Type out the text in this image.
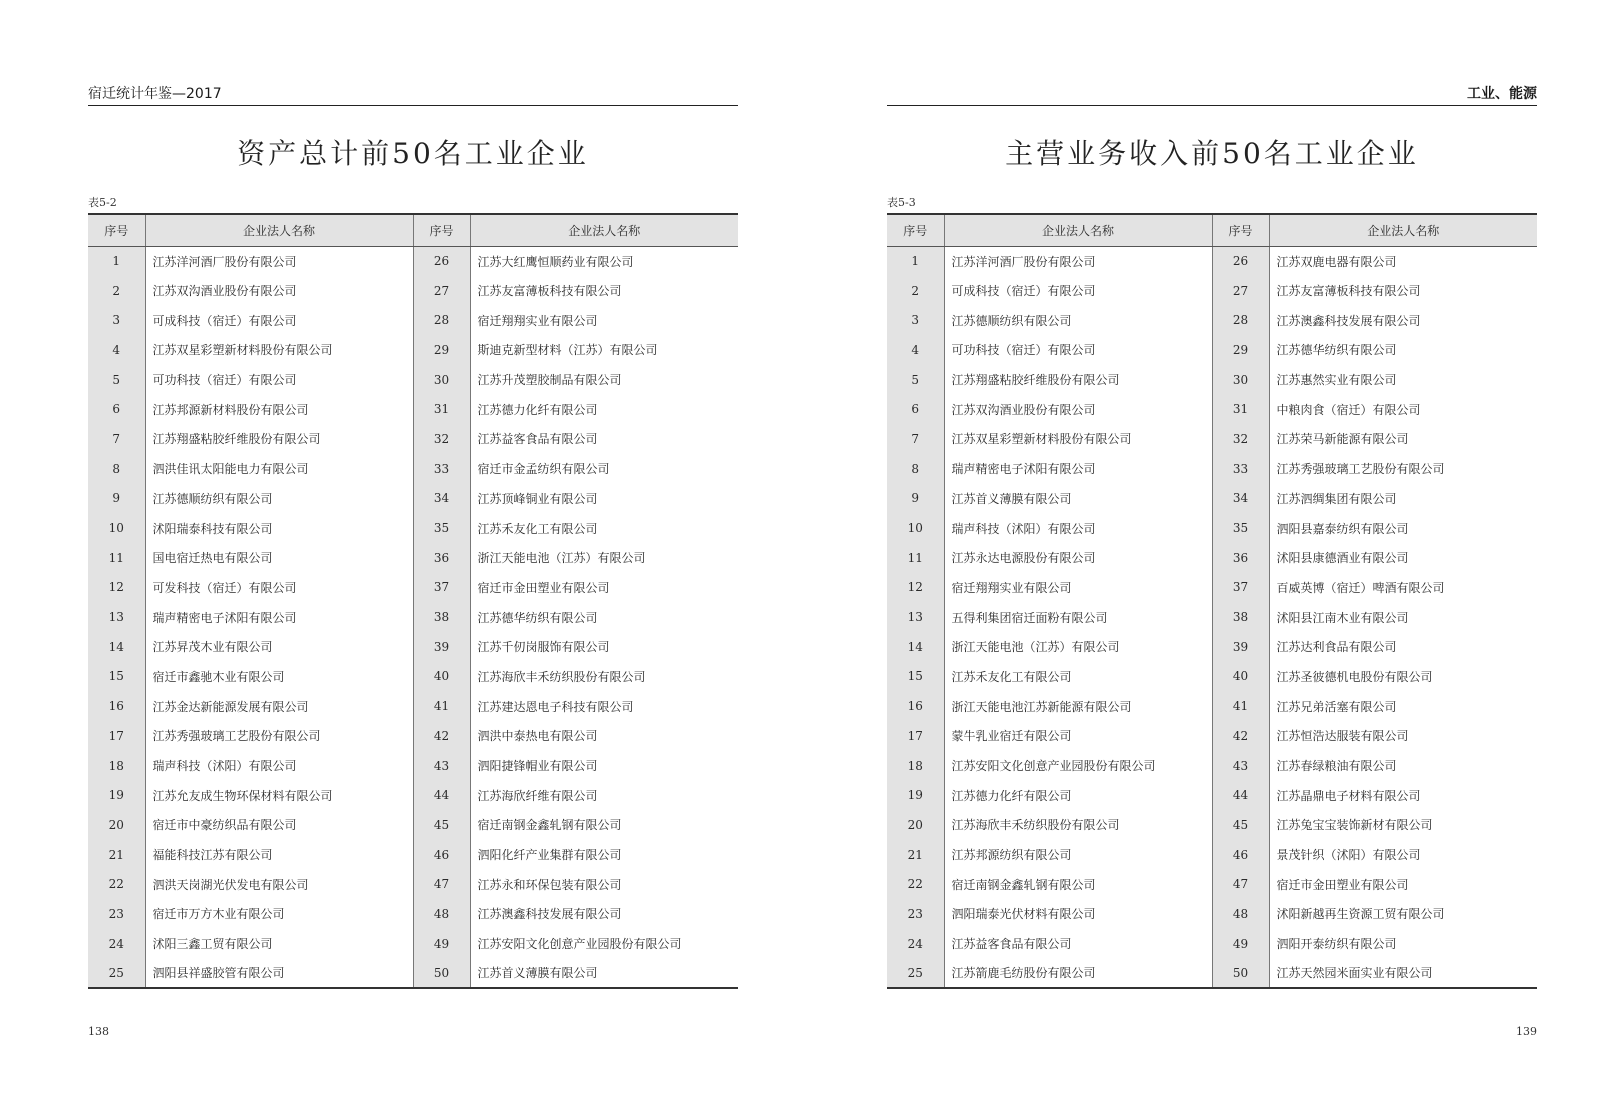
宿迁统计年鉴—2017
资产总计前50名工业企业
表5-2
序号	企业法人名称	序号	企业法人名称
1	江苏洋河酒厂股份有限公司	26	江苏大红鹰恒顺药业有限公司
2	江苏双沟酒业股份有限公司	27	江苏友富薄板科技有限公司
3	可成科技（宿迁）有限公司	28	宿迁翔翔实业有限公司
4	江苏双星彩塑新材料股份有限公司	29	斯迪克新型材料（江苏）有限公司
5	可功科技（宿迁）有限公司	30	江苏升茂塑胶制品有限公司
6	江苏邦源新材料股份有限公司	31	江苏德力化纤有限公司
7	江苏翔盛粘胶纤维股份有限公司	32	江苏益客食品有限公司
8	泗洪佳讯太阳能电力有限公司	33	宿迁市金孟纺织有限公司
9	江苏德顺纺织有限公司	34	江苏顶峰铜业有限公司
10	沭阳瑞泰科技有限公司	35	江苏禾友化工有限公司
11	国电宿迁热电有限公司	36	浙江天能电池（江苏）有限公司
12	可发科技（宿迁）有限公司	37	宿迁市金田塑业有限公司
13	瑞声精密电子沭阳有限公司	38	江苏德华纺织有限公司
14	江苏昇茂木业有限公司	39	江苏千仞岗服饰有限公司
15	宿迁市鑫驰木业有限公司	40	江苏海欣丰禾纺织股份有限公司
16	江苏金达新能源发展有限公司	41	江苏建达恩电子科技有限公司
17	江苏秀强玻璃工艺股份有限公司	42	泗洪中泰热电有限公司
18	瑞声科技（沭阳）有限公司	43	泗阳捷锋帽业有限公司
19	江苏允友成生物环保材料有限公司	44	江苏海欣纤维有限公司
20	宿迁市中豪纺织品有限公司	45	宿迁南钢金鑫轧钢有限公司
21	福能科技江苏有限公司	46	泗阳化纤产业集群有限公司
22	泗洪天岗湖光伏发电有限公司	47	江苏永和环保包装有限公司
23	宿迁市万方木业有限公司	48	江苏澳鑫科技发展有限公司
24	沭阳三鑫工贸有限公司	49	江苏安阳文化创意产业园股份有限公司
25	泗阳县祥盛胶管有限公司	50	江苏首义薄膜有限公司
138
工业、能源
主营业务收入前50名工业企业
表5-3
序号	企业法人名称	序号	企业法人名称
1	江苏洋河酒厂股份有限公司	26	江苏双鹿电器有限公司
2	可成科技（宿迁）有限公司	27	江苏友富薄板科技有限公司
3	江苏德顺纺织有限公司	28	江苏澳鑫科技发展有限公司
4	可功科技（宿迁）有限公司	29	江苏德华纺织有限公司
5	江苏翔盛粘胶纤维股份有限公司	30	江苏惠然实业有限公司
6	江苏双沟酒业股份有限公司	31	中粮肉食（宿迁）有限公司
7	江苏双星彩塑新材料股份有限公司	32	江苏荣马新能源有限公司
8	瑞声精密电子沭阳有限公司	33	江苏秀强玻璃工艺股份有限公司
9	江苏首义薄膜有限公司	34	江苏泗绸集团有限公司
10	瑞声科技（沭阳）有限公司	35	泗阳县嘉泰纺织有限公司
11	江苏永达电源股份有限公司	36	沭阳县康德酒业有限公司
12	宿迁翔翔实业有限公司	37	百威英博（宿迁）啤酒有限公司
13	五得利集团宿迁面粉有限公司	38	沭阳县江南木业有限公司
14	浙江天能电池（江苏）有限公司	39	江苏达利食品有限公司
15	江苏禾友化工有限公司	40	江苏圣彼德机电股份有限公司
16	浙江天能电池江苏新能源有限公司	41	江苏兄弟活塞有限公司
17	蒙牛乳业宿迁有限公司	42	江苏恒浩达服装有限公司
18	江苏安阳文化创意产业园股份有限公司	43	江苏春绿粮油有限公司
19	江苏德力化纤有限公司	44	江苏晶鼎电子材料有限公司
20	江苏海欣丰禾纺织股份有限公司	45	江苏兔宝宝装饰新材有限公司
21	江苏邦源纺织有限公司	46	景茂针织（沭阳）有限公司
22	宿迁南钢金鑫轧钢有限公司	47	宿迁市金田塑业有限公司
23	泗阳瑞泰光伏材料有限公司	48	沭阳新越再生资源工贸有限公司
24	江苏益客食品有限公司	49	泗阳开泰纺织有限公司
25	江苏箭鹿毛纺股份有限公司	50	江苏天然园米面实业有限公司
139
